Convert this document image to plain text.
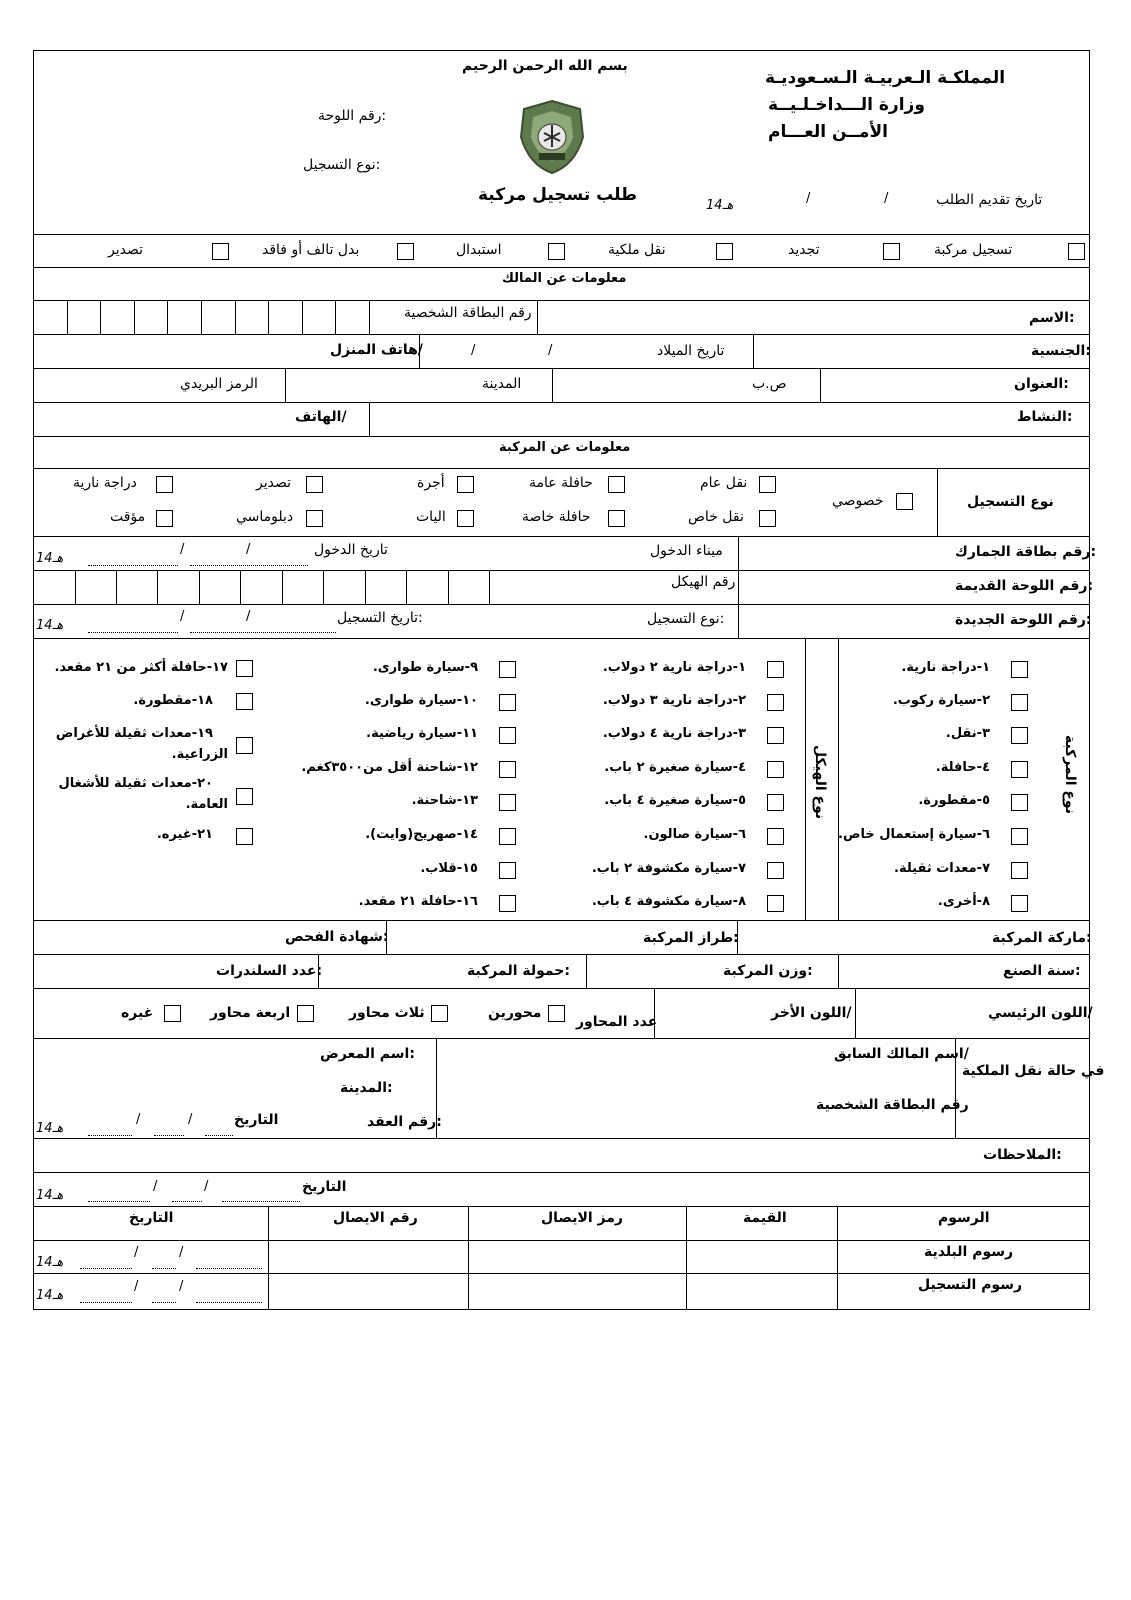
بسم الله الرحمن الرحيم
المملكـة الـعربيـة الـسـعوديـة
وزارة الـــداخـلـيــة
الأمــن العـــام
رقم اللوحة:
نوع التسجيل:
طلب تسجيل مركبة	تاريخ تقديم الطلب
/
/
14هـ
تسجيل مركبة
تجديد
نقل ملكية
استبدال
بدل تالف أو فاقد
تصدير
معلومات عن المالك
الاسم:
رقم البطاقة الشخصية
الجنسية:
تاريخ الميلاد
/
/
هاتف المنزل/
العنوان:
ص.ب
المدينة
الرمز البريدي
النشاط:
الهاتف/
معلومات عن المركبة
نوع التسجيل
خصوصي
نقل عام
حافلة عامة
أجرة
تصدير
دراجة نارية
نقل خاص
حافلة خاصة
اليات
دبلوماسي
مؤقت
رقم بطاقة الجمارك:
ميناء الدخول
تاريخ الدخول
/
/
14هـ
رقم اللوحة القديمة:
رقم الهيكل
رقم اللوحة الجديدة:
نوع التسجيل:
تاريخ التسجيل:
/
/
14هـ
نوع المركبة
نوع الهيكل
١-دراجة نارية.
٢-سيارة ركوب.
٣-نقل.
٤-حافلة.
٥-مقطورة.
٦-سيارة إستعمال خاص.
٧-معدات ثقيلة.
٨-أخرى.
١-دراجة نارية ٢ دولاب.
٢-دراجة نارية ٣ دولاب.
٣-دراجة نارية ٤ دولاب.
٤-سيارة صغيرة ٢ باب.
٥-سيارة صغيرة ٤ باب.
٦-سيارة صالون.
٧-سيارة مكشوفة ٢ باب.
٨-سيارة مكشوفة ٤ باب.
٩-سيارة طوارى.
١٠-سيارة طوارى.
١١-سيارة رياضية.
١٢-شاحنة أقل من٣٥٠٠كغم.
١٣-شاحنة.
١٤-صهريج(وايت).
١٥-قلاب.
١٦-حافلة ٢١ مقعد.
١٧-حافلة أكثر من ٢١ مقعد.
١٨-مقطورة.
١٩-معدات ثقيلة للأغراض
الزراعية.
٢٠-معدات ثقيلة للأشغال
العامة.
٢١-غيره.
ماركة المركبة:
طراز المركبة:
شهادة الفحص:
سنة الصنع:
وزن المركبة:
حمولة المركبة:
عدد السلندرات:
اللون الرئيسي/
اللون الأخر/
عدد المحاور
محورين
ثلاث محاور
اربعة محاور
غيره
في حالة نقل الملكية
اسم المالك السابق/
رقم البطاقة الشخصية
اسم المعرض:
المدينة:
رقم العقد:
التاريخ
/
/
14هـ
الملاحظات:
التاريخ
/
/
14هـ
الرسوم
القيمة
رمز الايصال
رقم الايصال
التاريخ
رسوم البلدية
/
/
14هـ
رسوم التسجيل
/
/
14هـ
